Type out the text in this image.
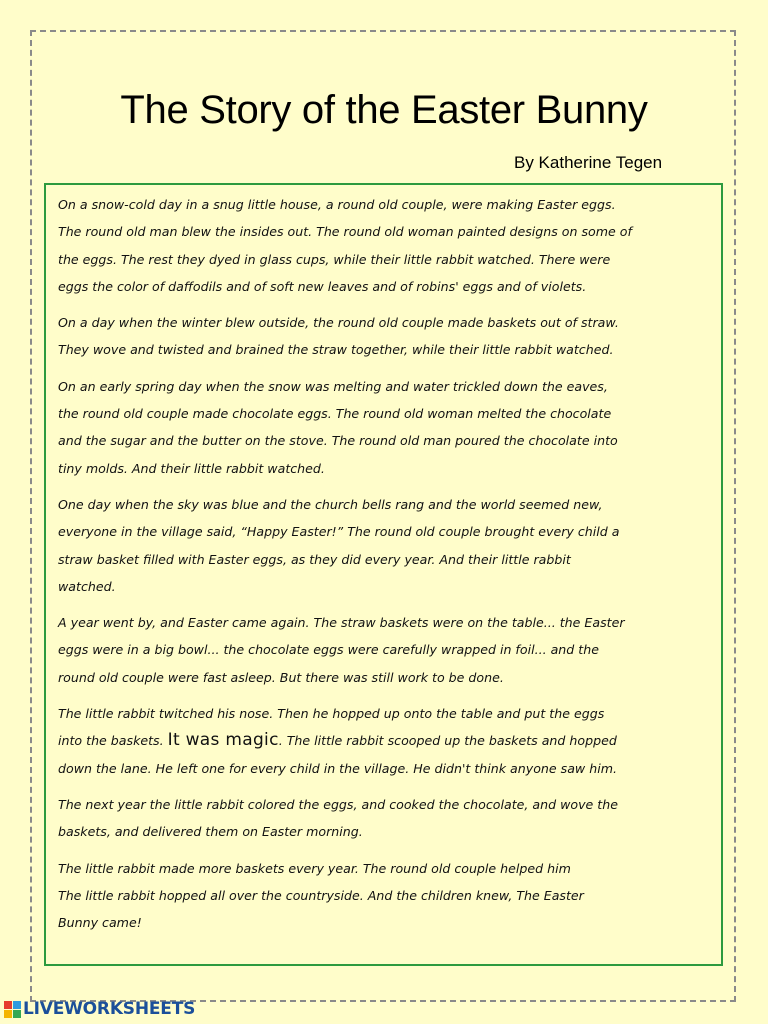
The Story of the Easter Bunny
By Katherine Tegen

On a snow-cold day in a snug little house, a round old couple, were making Easter eggs.
The round old man blew the insides out. The round old woman painted designs on some of
the eggs. The rest they dyed in glass cups, while their little rabbit watched. There were
eggs the color of daffodils and of soft new leaves and of robins' eggs and of violets.

On a day when the winter blew outside, the round old couple made baskets out of straw.
They wove and twisted and brained the straw together, while their little rabbit watched.

On an early spring day when the snow was melting and water trickled down the eaves,
the round old couple made chocolate eggs. The round old woman melted the chocolate
and the sugar and the butter on the stove. The round old man poured the chocolate into
tiny molds. And their little rabbit watched.

One day when the sky was blue and the church bells rang and the world seemed new,
everyone in the village said, “Happy Easter!” The round old couple brought every child a
straw basket filled with Easter eggs, as they did every year. And their little rabbit
watched.

A year went by, and Easter came again. The straw baskets were on the table... the Easter
eggs were in a big bowl... the chocolate eggs were carefully wrapped in foil... and the
round old couple were fast asleep. But there was still work to be done.

The little rabbit twitched his nose. Then he hopped up onto the table and put the eggs
into the baskets. It was magic. The little rabbit scooped up the baskets and hopped
down the lane. He left one for every child in the village. He didn't think anyone saw him.

The next year the little rabbit colored the eggs, and cooked the chocolate, and wove the
baskets, and delivered them on Easter morning.

The little rabbit made more baskets every year. The round old couple helped him
The little rabbit hopped all over the countryside. And the children knew, The Easter
Bunny came!

LIVEWORKSHEETS
